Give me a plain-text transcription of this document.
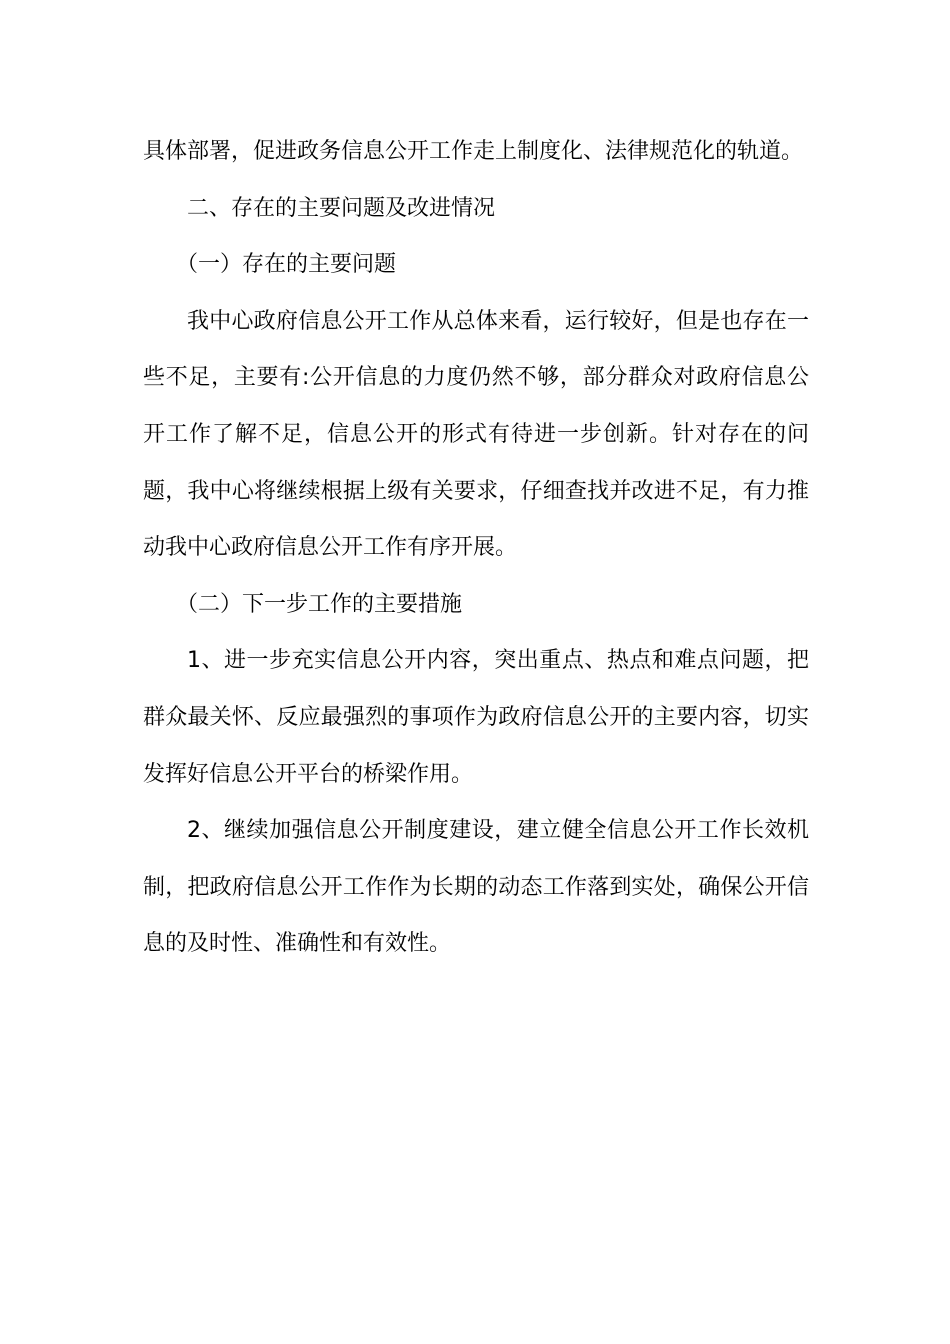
具体部署，促进政务信息公开工作走上制度化、法律规范化的轨道。

二、存在的主要问题及改进情况

（一）存在的主要问题

我中心政府信息公开工作从总体来看，运行较好，但是也存在一些不足，主要有:公开信息的力度仍然不够，部分群众对政府信息公开工作了解不足，信息公开的形式有待进一步创新。针对存在的问题，我中心将继续根据上级有关要求，仔细查找并改进不足，有力推动我中心政府信息公开工作有序开展。

（二）下一步工作的主要措施

1、进一步充实信息公开内容，突出重点、热点和难点问题，把群众最关怀、反应最强烈的事项作为政府信息公开的主要内容，切实发挥好信息公开平台的桥梁作用。

2、继续加强信息公开制度建设，建立健全信息公开工作长效机制，把政府信息公开工作作为长期的动态工作落到实处，确保公开信息的及时性、准确性和有效性。
